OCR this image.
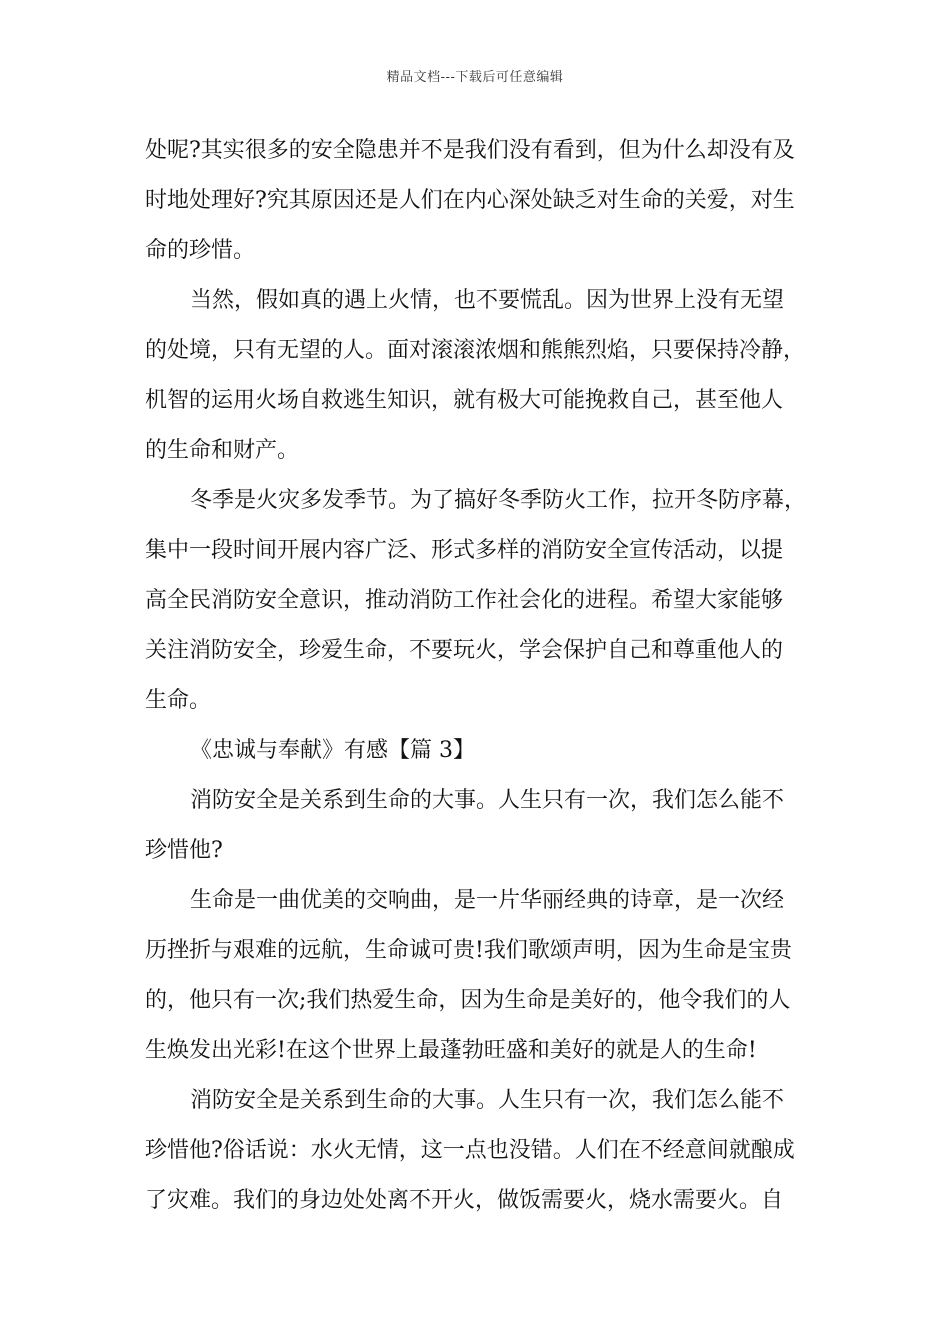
精品文档---下载后可任意编辑
处呢?其实很多的安全隐患并不是我们没有看到，但为什么却没有及
时地处理好?究其原因还是人们在内心深处缺乏对生命的关爱，对生
命的珍惜。
当然，假如真的遇上火情，也不要慌乱。因为世界上没有无望
的处境，只有无望的人。面对滚滚浓烟和熊熊烈焰，只要保持冷静，
机智的运用火场自救逃生知识，就有极大可能挽救自己，甚至他人
的生命和财产。
冬季是火灾多发季节。为了搞好冬季防火工作，拉开冬防序幕，
集中一段时间开展内容广泛、形式多样的消防安全宣传活动，以提
高全民消防安全意识，推动消防工作社会化的进程。希望大家能够
关注消防安全，珍爱生命，不要玩火，学会保护自己和尊重他人的
生命。
《忠诚与奉献》有感【篇 3】
消防安全是关系到生命的大事。人生只有一次，我们怎么能不
珍惜他?
生命是一曲优美的交响曲，是一片华丽经典的诗章，是一次经
历挫折与艰难的远航，生命诚可贵!我们歌颂声明，因为生命是宝贵
的，他只有一次;我们热爱生命，因为生命是美好的，他令我们的人
生焕发出光彩!在这个世界上最蓬勃旺盛和美好的就是人的生命!
消防安全是关系到生命的大事。人生只有一次，我们怎么能不
珍惜他?俗话说：水火无情，这一点也没错。人们在不经意间就酿成
了灾难。我们的身边处处离不开火，做饭需要火，烧水需要火。自
